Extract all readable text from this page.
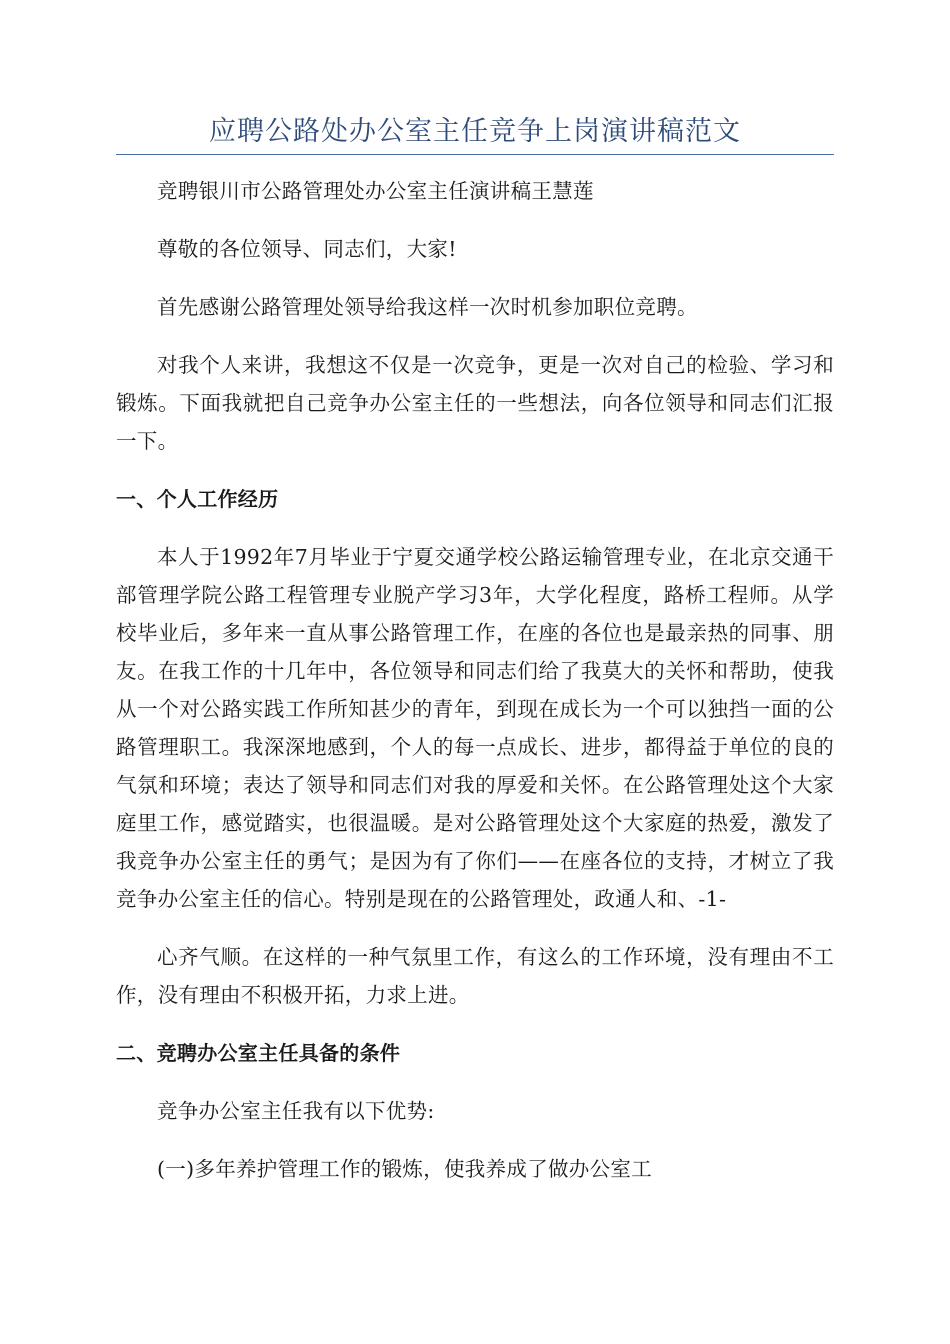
应聘公路处办公室主任竞争上岗演讲稿范文

竞聘银川市公路管理处办公室主任演讲稿王慧莲

尊敬的各位领导、同志们，大家!

首先感谢公路管理处领导给我这样一次时机参加职位竞聘。

对我个人来讲，我想这不仅是一次竞争，更是一次对自己的检验、学习和锻炼。下面我就把自己竞争办公室主任的一些想法，向各位领导和同志们汇报一下。

一、个人工作经历

本人于1992年7月毕业于宁夏交通学校公路运输管理专业，在北京交通干部管理学院公路工程管理专业脱产学习3年，大学化程度，路桥工程师。从学校毕业后，多年来一直从事公路管理工作，在座的各位也是最亲热的同事、朋友。在我工作的十几年中，各位领导和同志们给了我莫大的关怀和帮助，使我从一个对公路实践工作所知甚少的青年，到现在成长为一个可以独挡一面的公路管理职工。我深深地感到，个人的每一点成长、进步，都得益于单位的良的气氛和环境；表达了领导和同志们对我的厚爱和关怀。在公路管理处这个大家庭里工作，感觉踏实，也很温暖。是对公路管理处这个大家庭的热爱，激发了我竞争办公室主任的勇气；是因为有了你们——在座各位的支持，才树立了我竞争办公室主任的信心。特别是现在的公路管理处，政通人和、-1-

心齐气顺。在这样的一种气氛里工作，有这么的工作环境，没有理由不工作，没有理由不积极开拓，力求上进。

二、竞聘办公室主任具备的条件

竞争办公室主任我有以下优势:

(一)多年养护管理工作的锻炼，使我养成了做办公室工
